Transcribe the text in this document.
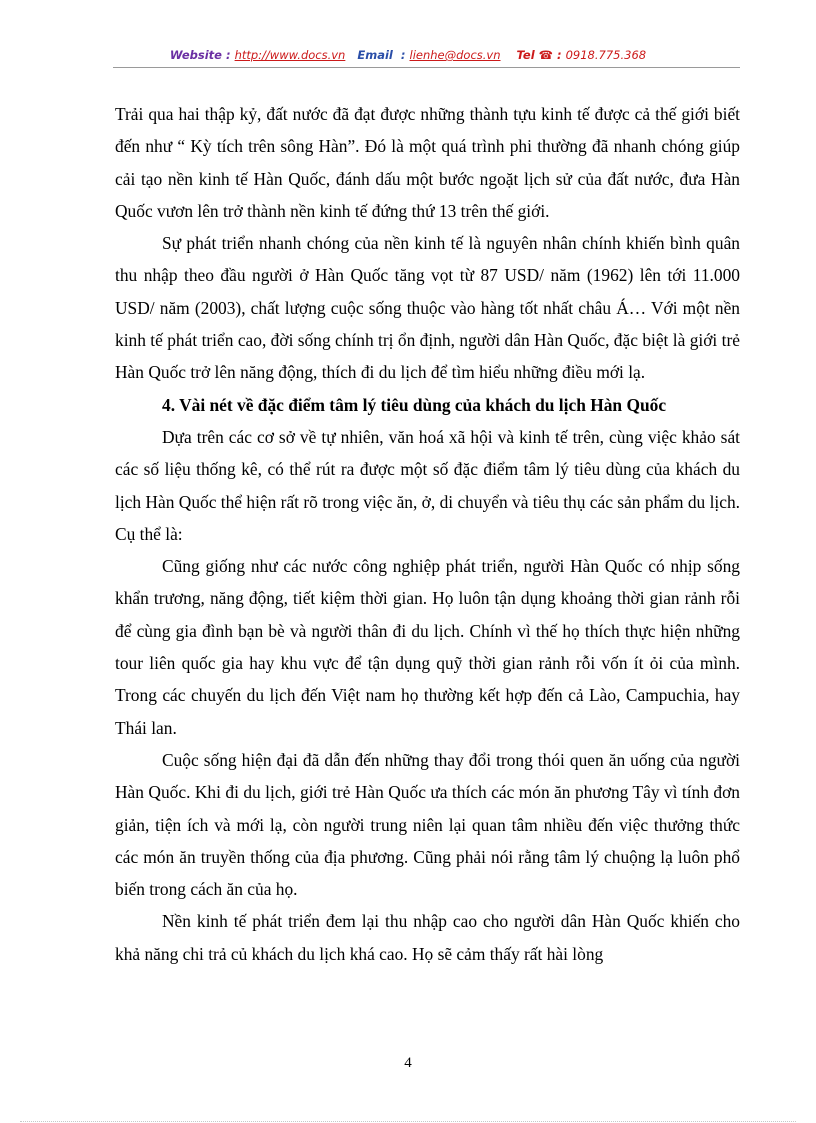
Website : http://www.docs.vn Email : lienhe@docs.vn Tel ☎ : 0918.775.368

Trải qua hai thập kỷ, đất nước đã đạt được những thành tựu kinh tế được cả thế giới biết đến như “ Kỳ tích trên sông Hàn”. Đó là một quá trình phi thường đã nhanh chóng giúp cải tạo nền kinh tế Hàn Quốc, đánh dấu một bước ngoặt lịch sử của đất nước, đưa Hàn Quốc vươn lên trở thành nền kinh tế đứng thứ 13 trên thế giới.

Sự phát triển nhanh chóng của nền kinh tế là nguyên nhân chính khiến bình quân thu nhập theo đầu người ở Hàn Quốc tăng vọt từ 87 USD/ năm (1962) lên tới 11.000 USD/ năm (2003), chất lượng cuộc sống thuộc vào hàng tốt nhất châu Á… Với một nền kinh tế phát triển cao, đời sống chính trị ổn định, người dân Hàn Quốc, đặc biệt là giới trẻ Hàn Quốc trở lên năng động, thích đi du lịch để tìm hiểu những điều mới lạ.

4. Vài nét về đặc điểm tâm lý tiêu dùng của khách du lịch Hàn Quốc

Dựa trên các cơ sở về tự nhiên, văn hoá xã hội và kinh tế trên, cùng việc khảo sát các số liệu thống kê, có thể rút ra được một số đặc điểm tâm lý tiêu dùng của khách du lịch Hàn Quốc thể hiện rất rõ trong việc ăn, ở, di chuyển và tiêu thụ các sản phẩm du lịch. Cụ thể là:

Cũng giống như các nước công nghiệp phát triển, người Hàn Quốc có nhịp sống khẩn trương, năng động, tiết kiệm thời gian. Họ luôn tận dụng khoảng thời gian rảnh rỗi để cùng gia đình bạn bè và người thân đi du lịch. Chính vì thế họ thích thực hiện những tour liên quốc gia hay khu vực để tận dụng quỹ thời gian rảnh rỗi vốn ít ỏi của mình. Trong các chuyến du lịch đến Việt nam họ thường kết hợp đến cả Lào, Campuchia, hay Thái lan.

Cuộc sống hiện đại đã dẫn đến những thay đổi trong thói quen ăn uống của người Hàn Quốc. Khi đi du lịch, giới trẻ Hàn Quốc ưa thích các món ăn phương Tây vì tính đơn giản, tiện ích và mới lạ, còn người trung niên lại quan tâm nhiều đến việc thưởng thức các món ăn truyền thống của địa phương. Cũng phải nói rằng tâm lý chuộng lạ luôn phổ biến trong cách ăn của họ.

Nền kinh tế phát triển đem lại thu nhập cao cho người dân Hàn Quốc khiến cho khả năng chi trả củ khách du lịch khá cao. Họ sẽ cảm thấy rất hài lòng

4
